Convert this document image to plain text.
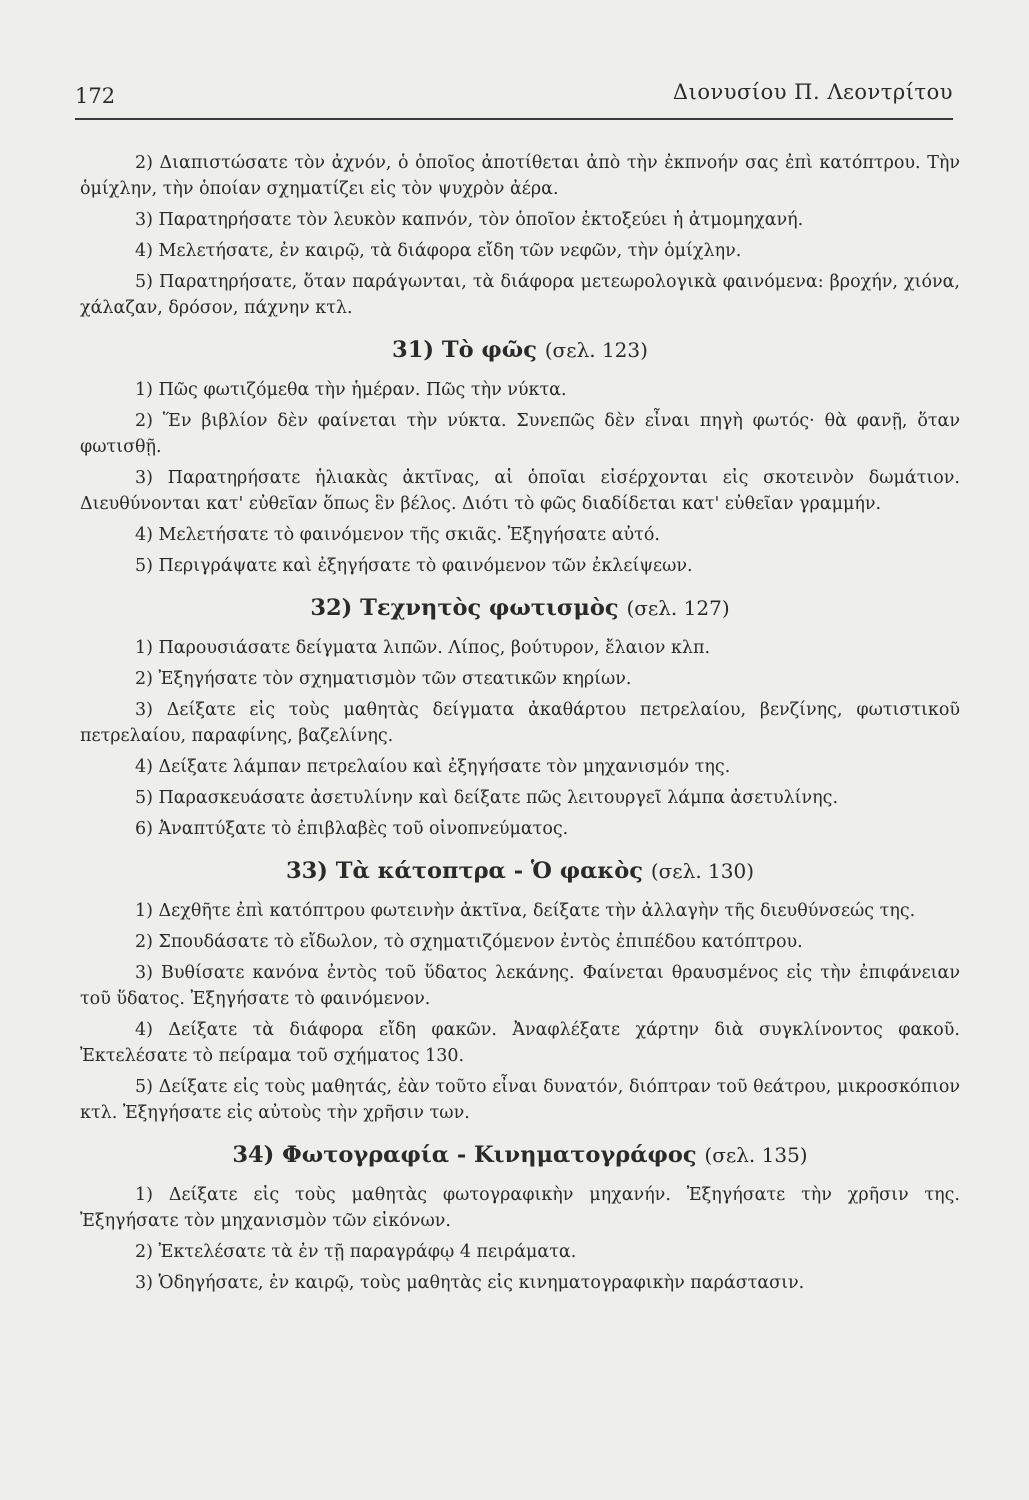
172	Διονυσίου Π. Λεοντρίτου

2) Διαπιστώσατε τὸν ἀχνόν, ὁ ὁποῖος ἀποτίθεται ἀπὸ τὴν ἐκπνοήν σας ἐπὶ κατόπτρου. Τὴν ὁμίχλην, τὴν ὁποίαν σχηματίζει εἰς τὸν ψυχρὸν ἀέρα.

3) Παρατηρήσατε τὸν λευκὸν καπνόν, τὸν ὁποῖον ἐκτοξεύει ἡ ἀτμομηχανή.

4) Μελετήσατε, ἐν καιρῷ, τὰ διάφορα εἴδη τῶν νεφῶν, τὴν ὁμίχλην.

5) Παρατηρήσατε, ὅταν παράγωνται, τὰ διάφορα μετεωρολογικὰ φαινόμενα: βροχήν, χιόνα, χάλαζαν, δρόσον, πάχνην κτλ.

31) Τὸ φῶς (σελ. 123)

1) Πῶς φωτιζόμεθα τὴν ἡμέραν. Πῶς τὴν νύκτα.

2) Ἕν βιβλίον δὲν φαίνεται τὴν νύκτα. Συνεπῶς δὲν εἶναι πηγὴ φωτός· θὰ φανῇ, ὅταν φωτισθῇ.

3) Παρατηρήσατε ἡλιακὰς ἀκτῖνας, αἱ ὁποῖαι εἰσέρχονται εἰς σκοτεινὸν δωμάτιον. Διευθύνονται κατ' εὐθεῖαν ὅπως ἓν βέλος. Διότι τὸ φῶς διαδίδεται κατ' εὐθεῖαν γραμμήν.

4) Μελετήσατε τὸ φαινόμενον τῆς σκιᾶς. Ἐξηγήσατε αὐτό.

5) Περιγράψατε καὶ ἐξηγήσατε τὸ φαινόμενον τῶν ἐκλείψεων.

32) Τεχνητὸς φωτισμὸς (σελ. 127)

1) Παρουσιάσατε δείγματα λιπῶν. Λίπος, βούτυρον, ἔλαιον κλπ.

2) Ἐξηγήσατε τὸν σχηματισμὸν τῶν στεατικῶν κηρίων.

3) Δείξατε εἰς τοὺς μαθητὰς δείγματα ἀκαθάρτου πετρελαίου, βενζίνης, φωτιστικοῦ πετρελαίου, παραφίνης, βαζελίνης.

4) Δείξατε λάμπαν πετρελαίου καὶ ἐξηγήσατε τὸν μηχανισμόν της.

5) Παρασκευάσατε ἀσετυλίνην καὶ δείξατε πῶς λειτουργεῖ λάμπα ἀσετυλίνης.

6) Ἀναπτύξατε τὸ ἐπιβλαβὲς τοῦ οἰνοπνεύματος.

33) Τὰ κάτοπτρα - Ὁ φακὸς (σελ. 130)

1) Δεχθῆτε ἐπὶ κατόπτρου φωτεινὴν ἀκτῖνα, δείξατε τὴν ἀλλαγὴν τῆς διευθύνσεώς της.

2) Σπουδάσατε τὸ εἴδωλον, τὸ σχηματιζόμενον ἐντὸς ἐπιπέδου κατόπτρου.

3) Βυθίσατε κανόνα ἐντὸς τοῦ ὕδατος λεκάνης. Φαίνεται θραυσμένος εἰς τὴν ἐπιφάνειαν τοῦ ὕδατος. Ἐξηγήσατε τὸ φαινόμενον.

4) Δείξατε τὰ διάφορα εἴδη φακῶν. Ἀναφλέξατε χάρτην διὰ συγκλίνοντος φακοῦ. Ἐκτελέσατε τὸ πείραμα τοῦ σχήματος 130.

5) Δείξατε εἰς τοὺς μαθητάς, ἐὰν τοῦτο εἶναι δυνατόν, διόπτραν τοῦ θεάτρου, μικροσκόπιον κτλ. Ἐξηγήσατε εἰς αὐτοὺς τὴν χρῆσιν των.

34) Φωτογραφία - Κινηματογράφος (σελ. 135)

1) Δείξατε εἰς τοὺς μαθητὰς φωτογραφικὴν μηχανήν. Ἐξηγήσατε τὴν χρῆσιν της. Ἐξηγήσατε τὸν μηχανισμὸν τῶν εἰκόνων.

2) Ἐκτελέσατε τὰ ἐν τῇ παραγράφῳ 4 πειράματα.

3) Ὁδηγήσατε, ἐν καιρῷ, τοὺς μαθητὰς εἰς κινηματογραφικὴν παράστασιν.
